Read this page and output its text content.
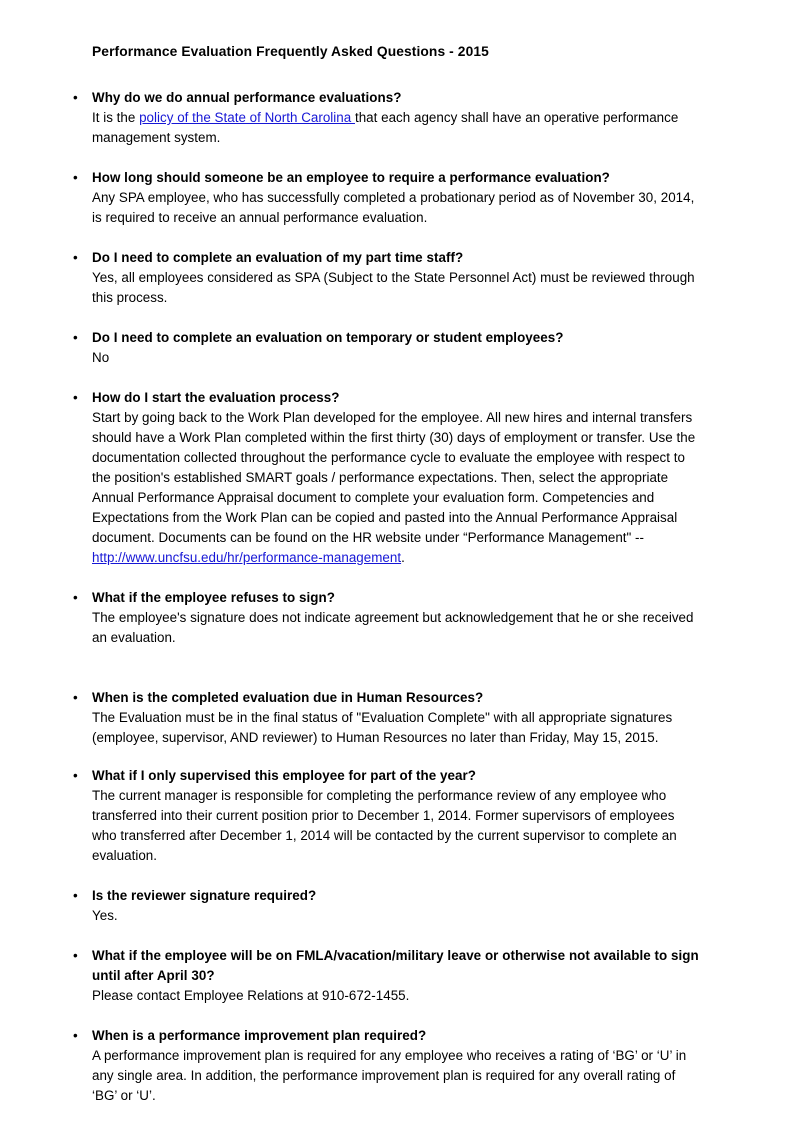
Performance Evaluation Frequently Asked Questions - 2015
•	Why do we do annual performance evaluations?

It is the policy of the State of North Carolina that each agency shall have an operative performance management system.

•	How long should someone be an employee to require a performance evaluation?

Any SPA employee, who has successfully completed a probationary period as of November 30, 2014, is required to receive an annual performance evaluation.

•	Do I need to complete an evaluation of my part time staff?

Yes, all employees considered as SPA (Subject to the State Personnel Act) must be reviewed through this process.

•	Do I need to complete an evaluation on temporary or student employees?

No

•	How do I start the evaluation process?

Start by going back to the Work Plan developed for the employee. All new hires and internal transfers should have a Work Plan completed within the first thirty (30) days of employment or transfer. Use the documentation collected throughout the performance cycle to evaluate the employee with respect to the position's established SMART goals / performance expectations. Then, select the appropriate Annual Performance Appraisal document to complete your evaluation form. Competencies and Expectations from the Work Plan can be copied and pasted into the Annual Performance Appraisal document. Documents can be found on the HR website under “Performance Management" -- http://www.uncfsu.edu/hr/performance-management.

•	What if the employee refuses to sign?

The employee's signature does not indicate agreement but acknowledgement that he or she received an evaluation.

•	When is the completed evaluation due in Human Resources?

The Evaluation must be in the final status of "Evaluation Complete" with all appropriate signatures (employee, supervisor, AND reviewer) to Human Resources no later than Friday, May 15, 2015.

•	What if I only supervised this employee for part of the year?

The current manager is responsible for completing the performance review of any employee who transferred into their current position prior to December 1, 2014. Former supervisors of employees who transferred after December 1, 2014 will be contacted by the current supervisor to complete an evaluation.

•	Is the reviewer signature required?

Yes.

•	What if the employee will be on FMLA/vacation/military leave or otherwise not available to sign until after April 30?

Please contact Employee Relations at 910-672-1455.

•	When is a performance improvement plan required?

A performance improvement plan is required for any employee who receives a rating of ‘BG’ or ‘U’ in any single area. In addition, the performance improvement plan is required for any overall rating of ‘BG’ or ‘U’.
